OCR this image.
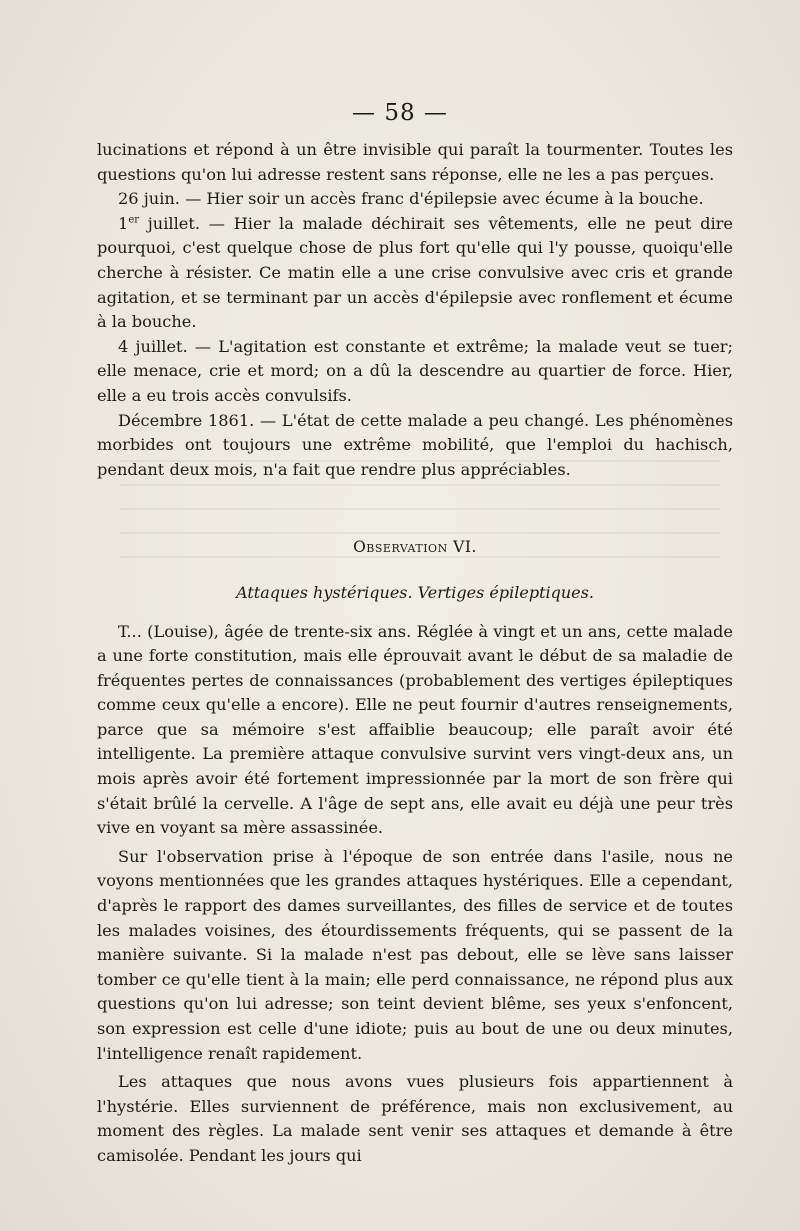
— 58 —

lucinations et répond à un être invisible qui paraît la tourmenter. Toutes les questions qu'on lui adresse restent sans réponse, elle ne les a pas perçues.

26 juin. — Hier soir un accès franc d'épilepsie avec écume à la bouche.

1er juillet. — Hier la malade déchirait ses vêtements, elle ne peut dire pourquoi, c'est quelque chose de plus fort qu'elle qui l'y pousse, quoiqu'elle cherche à résister. Ce matin elle a une crise convulsive avec cris et grande agitation, et se terminant par un accès d'épilepsie avec ronflement et écume à la bouche.

4 juillet. — L'agitation est constante et extrême; la malade veut se tuer; elle menace, crie et mord; on a dû la descendre au quartier de force. Hier, elle a eu trois accès convulsifs.

Décembre 1861. — L'état de cette malade a peu changé. Les phénomènes morbides ont toujours une extrême mobilité, que l'emploi du hachisch, pendant deux mois, n'a fait que rendre plus appréciables.

Observation VI.
Attaques hystériques. Vertiges épileptiques.

T... (Louise), âgée de trente-six ans. Réglée à vingt et un ans, cette malade a une forte constitution, mais elle éprouvait avant le début de sa maladie de fréquentes pertes de connaissances (probablement des vertiges épileptiques comme ceux qu'elle a encore). Elle ne peut fournir d'autres renseignements, parce que sa mémoire s'est affaiblie beaucoup; elle paraît avoir été intelligente. La première attaque convulsive survint vers vingt-deux ans, un mois après avoir été fortement impressionnée par la mort de son frère qui s'était brûlé la cervelle. A l'âge de sept ans, elle avait eu déjà une peur très vive en voyant sa mère assassinée.

Sur l'observation prise à l'époque de son entrée dans l'asile, nous ne voyons mentionnées que les grandes attaques hystériques. Elle a cependant, d'après le rapport des dames surveillantes, des filles de service et de toutes les malades voisines, des étourdissements fréquents, qui se passent de la manière suivante. Si la malade n'est pas debout, elle se lève sans laisser tomber ce qu'elle tient à la main; elle perd connaissance, ne répond plus aux questions qu'on lui adresse; son teint devient blême, ses yeux s'enfoncent, son expression est celle d'une idiote; puis au bout de une ou deux minutes, l'intelligence renaît rapidement.

Les attaques que nous avons vues plusieurs fois appartiennent à l'hystérie. Elles surviennent de préférence, mais non exclusivement, au moment des règles. La malade sent venir ses attaques et demande à être camisolée. Pendant les jours qui
